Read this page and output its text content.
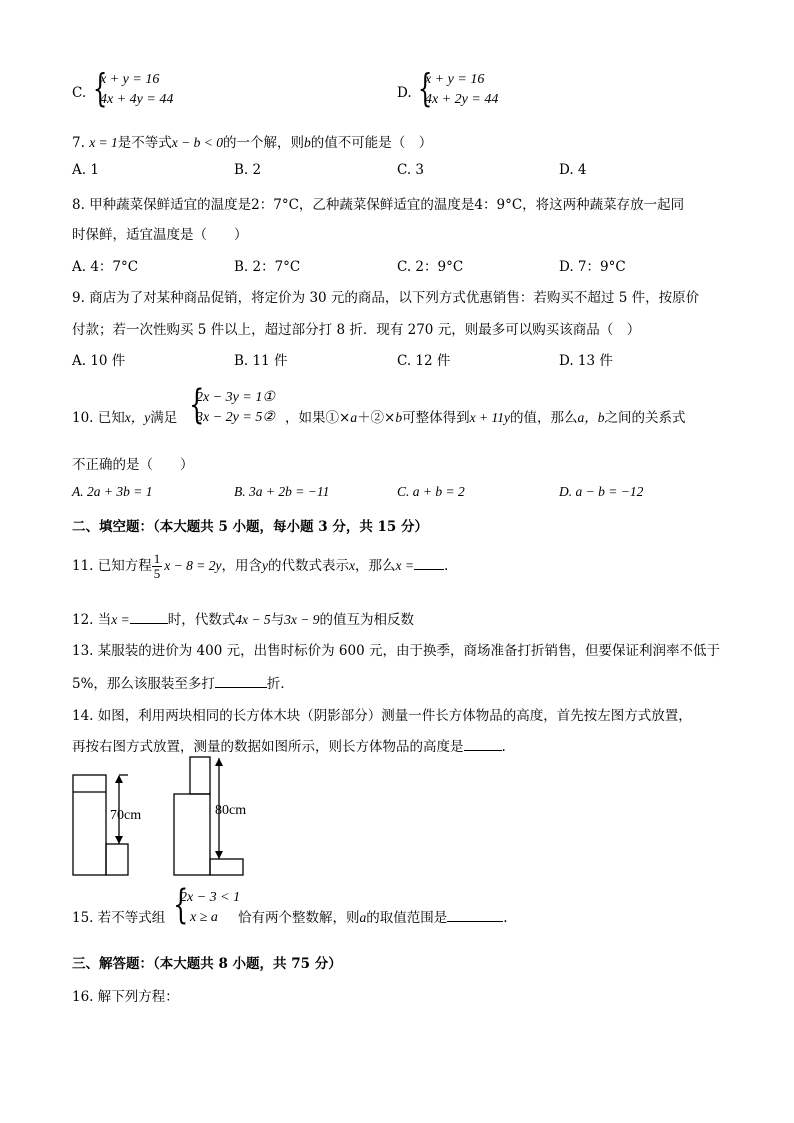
C. {
x + y = 16
4x + 4y = 44	D. {
x + y = 16
4x + 2y = 44
7. x = 1是不等式x − b < 0的一个解，则b的值不可能是（　）
A. 1	B. 2	C. 3	D. 4
8. 甲种蔬菜保鲜适宜的温度是2：7°C，乙种蔬菜保鲜适宜的温度是4：9°C，将这两种蔬菜存放一起同
时保鲜，适宜温度是（　　）
A. 4：7°C	B. 2：7°C	C. 2：9°C	D. 7：9°C
9. 商店为了对某种商品促销，将定价为 30 元的商品，以下列方式优惠销售：若购买不超过 5 件，按原价
付款；若一次性购买 5 件以上，超过部分打 8 折．现有 270 元，则最多可以购买该商品（　）
A. 10 件	B. 11 件	C. 12 件	D. 13 件
10. 已知x，y满足 {
2x − 3y = 1①
3x − 2y = 5② ，如果①×a＋②×b可整体得到x + 11y的值，那么a，b之间的关系式
不正确的是（　　）
A. 2a + 3b = 1	B. 3a + 2b = −11	C. a + b = 2	D. a − b = −12
二、填空题：（本大题共 5 小题，每小题 3 分，共 15 分）
11. 已知方程 $\frac{1}{5}$ x − 8 = 2y，用含y的代数式表示x，那么x = .
12. 当x =	时，代数式4x − 5与3x − 9的值互为相反数
13. 某服装的进价为 400 元，出售时标价为 600 元，由于换季，商场准备打折销售，但要保证利润率不低于
5%，那么该服装至多打	折．
14. 如图，利用两块相同的长方体木块（阴影部分）测量一件长方体物品的高度，首先按左图方式放置，
再按右图方式放置，测量的数据如图所示，则长方体物品的高度是	.
70cm	80cm
15. 若不等式组 {
2x − 3 < 1
x ≥ a	恰有两个整数解，则a的取值范围是	.
三、解答题：（本大题共 8 小题，共 75 分）
16. 解下列方程：
